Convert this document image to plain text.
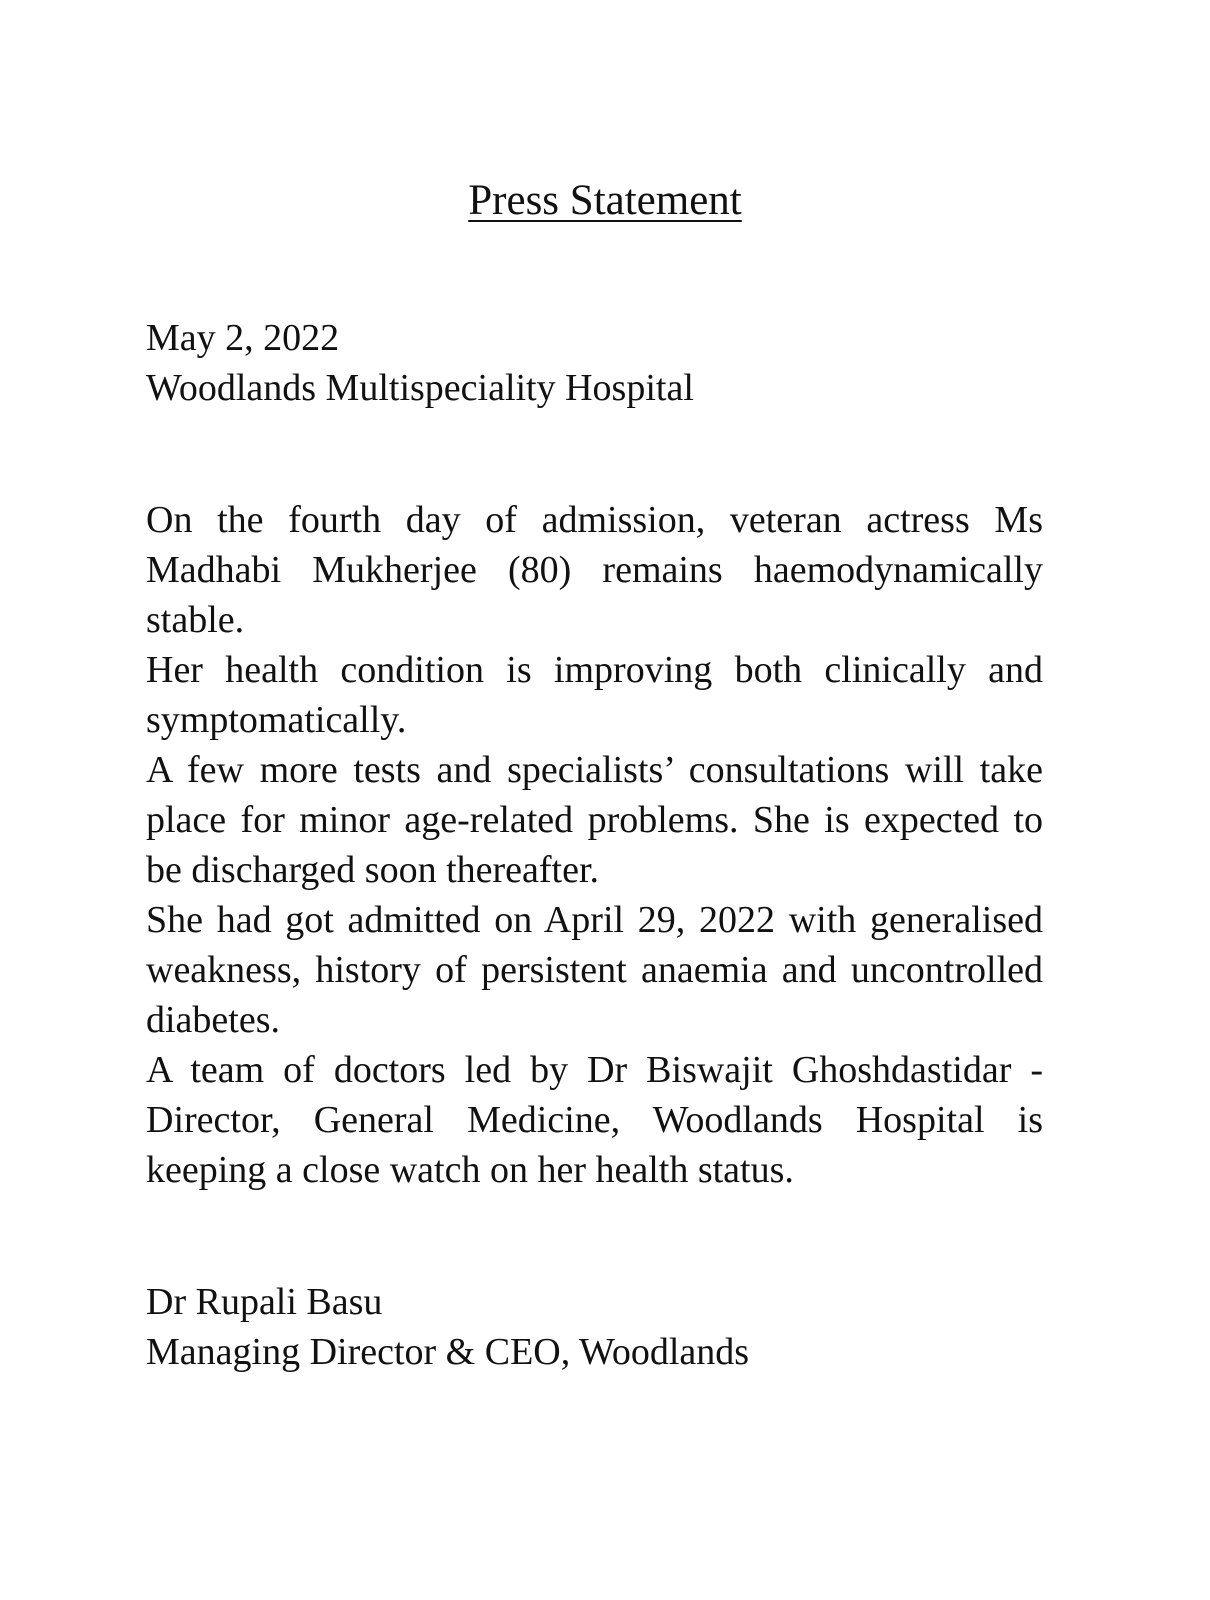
Press Statement
May 2, 2022
Woodlands Multispeciality Hospital

On the fourth day of admission, veteran actress Ms Madhabi Mukherjee (80) remains haemodynamically stable.

Her health condition is improving both clinically and symptomatically.

A few more tests and specialists’ consultations will take place for minor age-related problems. She is expected to be discharged soon thereafter.

She had got admitted on April 29, 2022 with generalised weakness, history of persistent anaemia and uncontrolled diabetes.

A team of doctors led by Dr Biswajit Ghoshdastidar - Director, General Medicine, Woodlands Hospital is keeping a close watch on her health status.

Dr Rupali Basu
Managing Director & CEO, Woodlands
